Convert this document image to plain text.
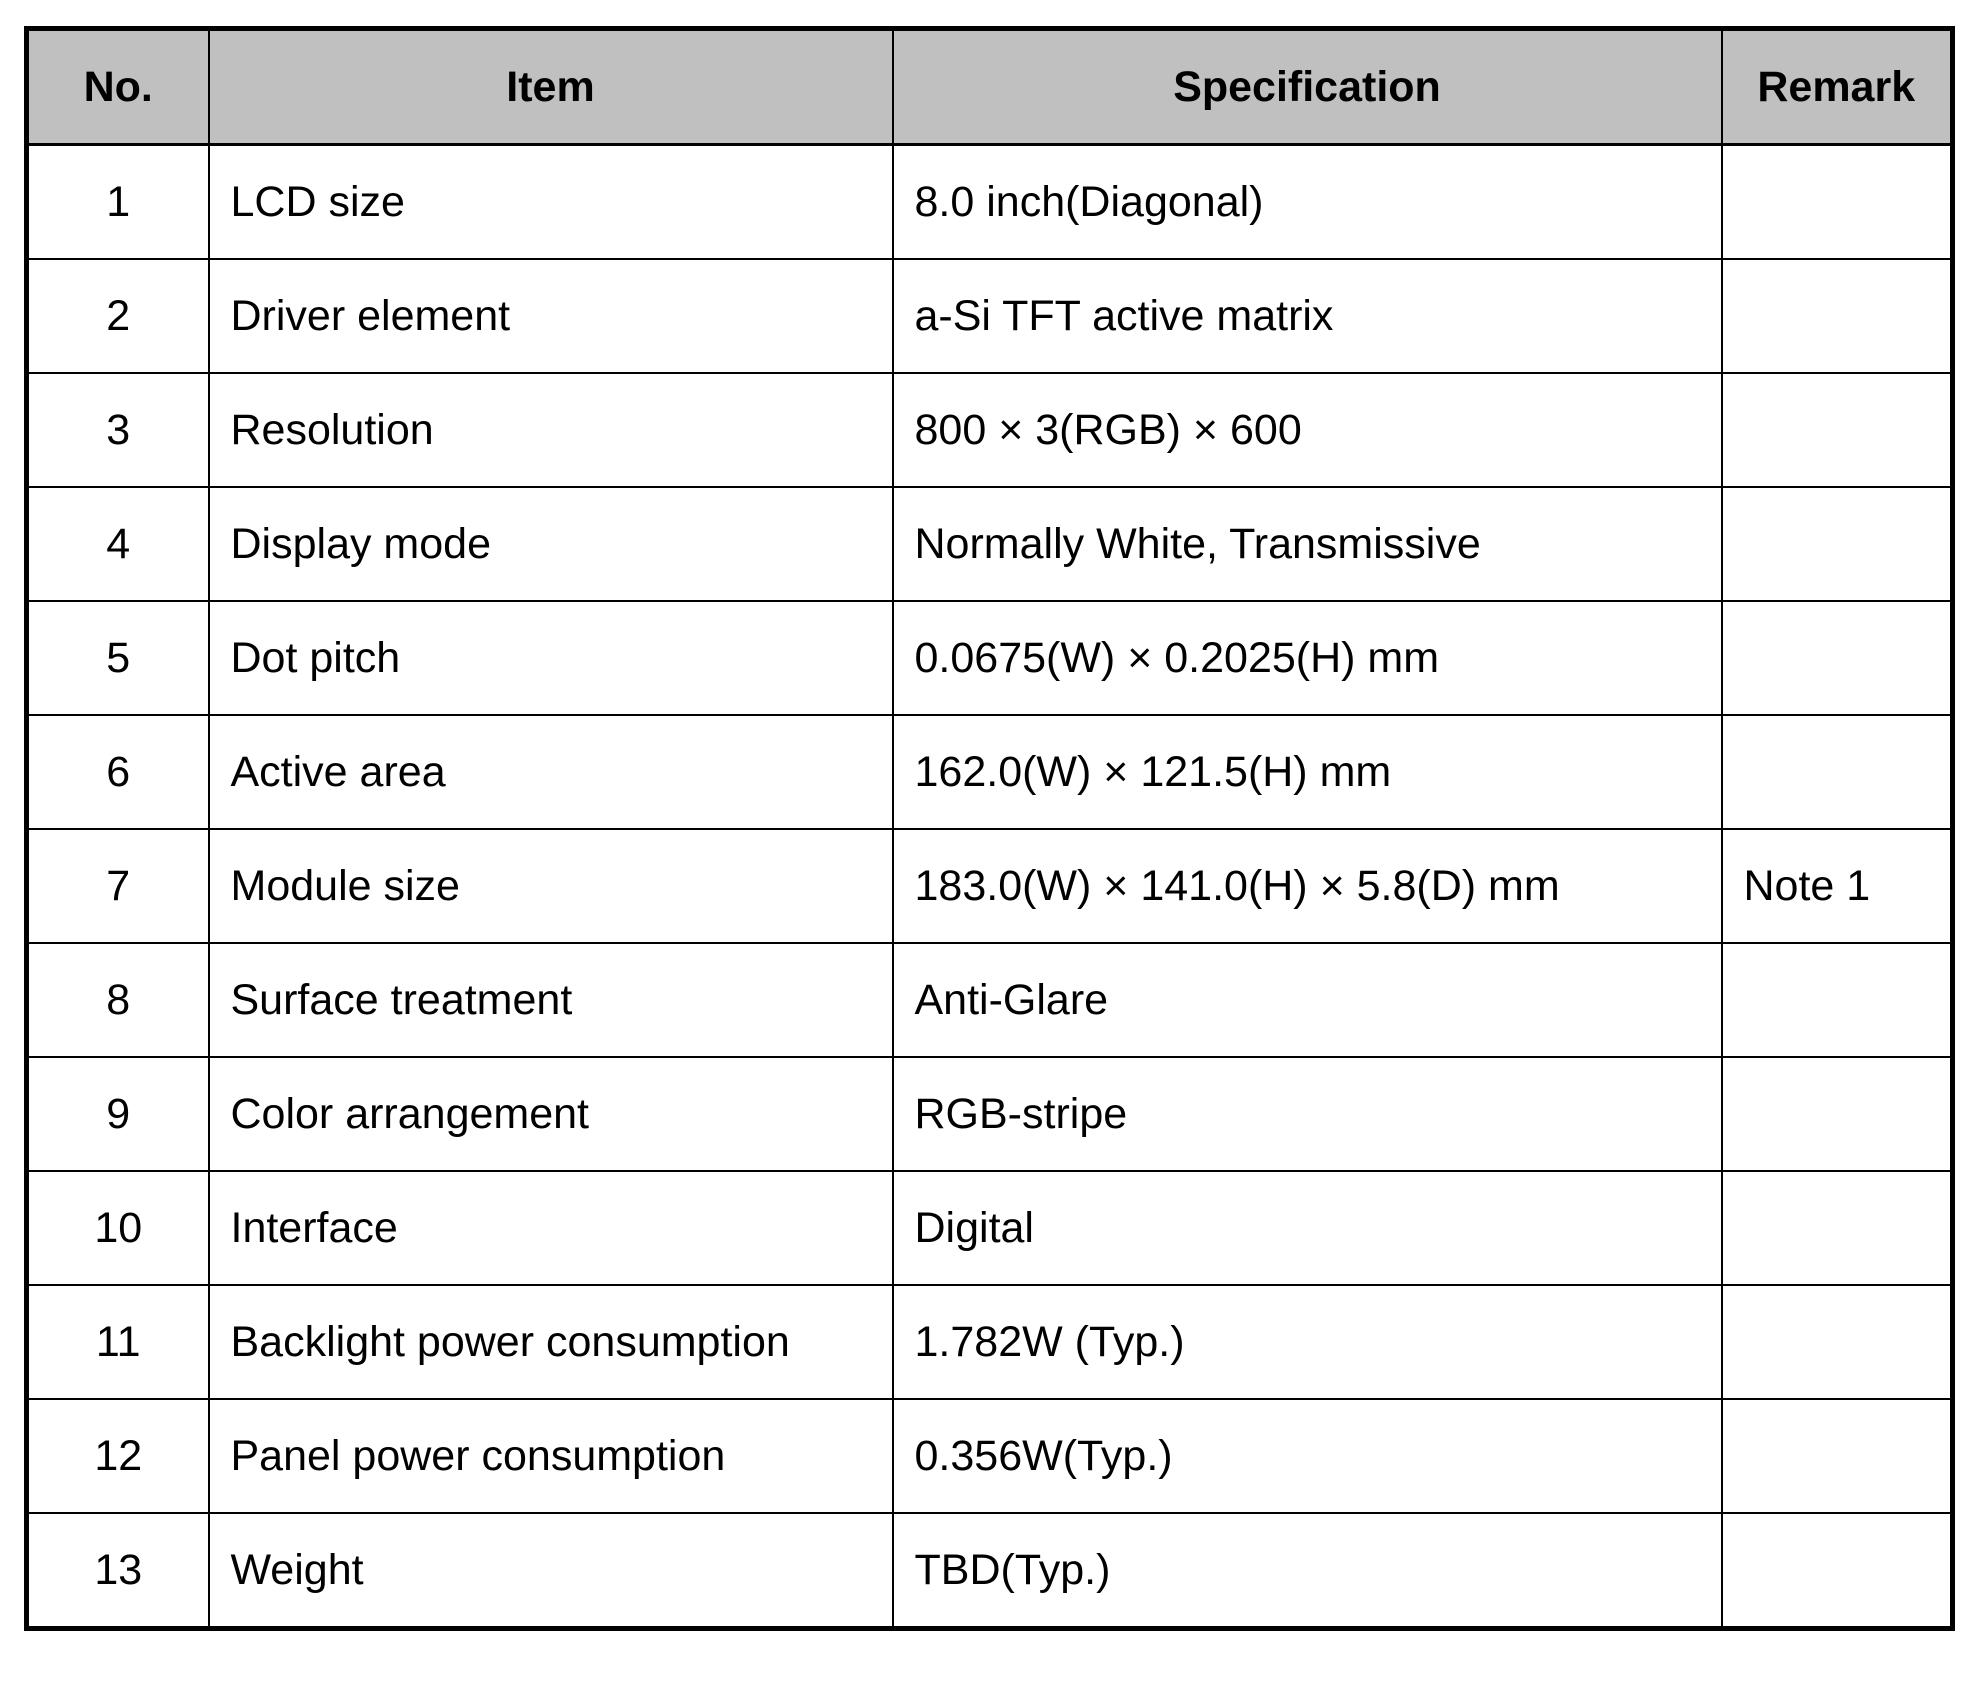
No.	Item	Specification	Remark
1	LCD size	8.0 inch(Diagonal)	
2	Driver element	a-Si TFT active matrix	
3	Resolution	800 × 3(RGB) × 600	
4	Display mode	Normally White, Transmissive	
5	Dot pitch	0.0675(W) × 0.2025(H) mm	
6	Active area	162.0(W) × 121.5(H) mm	
7	Module size	183.0(W) × 141.0(H) × 5.8(D) mm	Note 1
8	Surface treatment	Anti-Glare	
9	Color arrangement	RGB-stripe	
10	Interface	Digital	
11	Backlight power consumption	1.782W (Typ.)	
12	Panel power consumption	0.356W(Typ.)	
13	Weight	TBD(Typ.)	
